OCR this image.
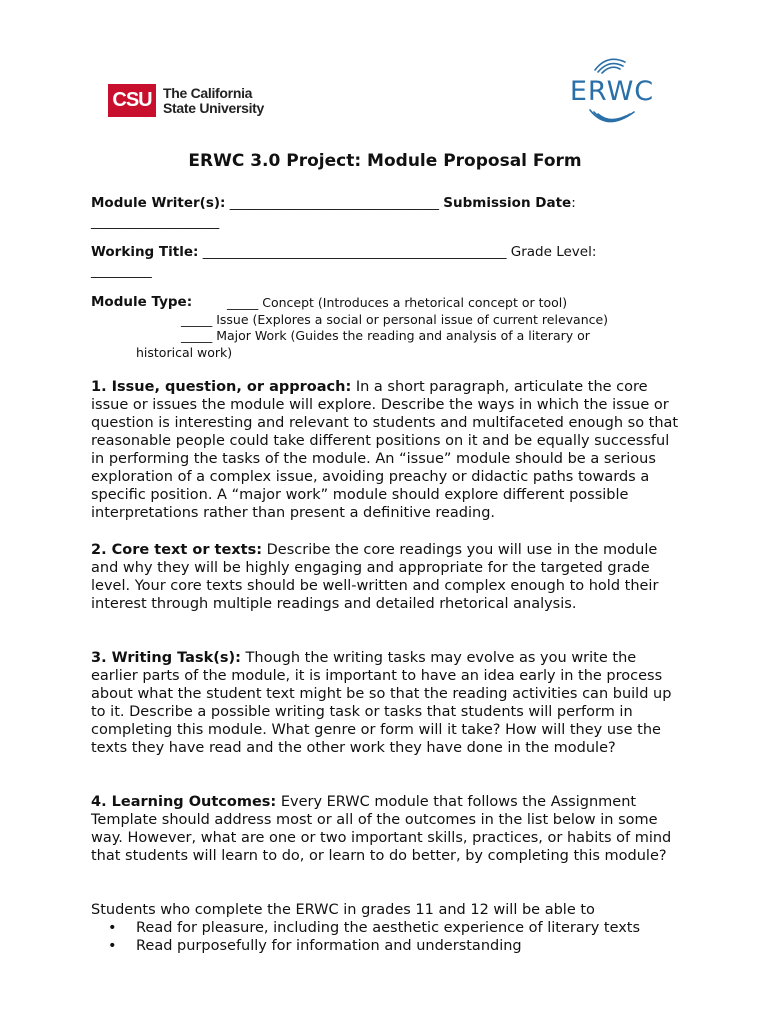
CSU The California
State University
ERWC
ERWC 3.0 Project: Module Proposal Form
Module Writer(s): _______________________________ Submission Date:
___________________
Working Title: _____________________________________________ Grade Level:
_________
Module Type:	_____ Concept (Introduces a rhetorical concept or tool)
_____ Issue (Explores a social or personal issue of current relevance)
_____ Major Work (Guides the reading and analysis of a literary or
historical work)

1. Issue, question, or approach: In a short paragraph, articulate the core issue or issues the module will explore. Describe the ways in which the issue or question is interesting and relevant to students and multifaceted enough so that reasonable people could take different positions on it and be equally successful in performing the tasks of the module. An “issue” module should be a serious exploration of a complex issue, avoiding preachy or didactic paths towards a specific position. A “major work” module should explore different possible interpretations rather than present a definitive reading.

2. Core text or texts: Describe the core readings you will use in the module and why they will be highly engaging and appropriate for the targeted grade level. Your core texts should be well-written and complex enough to hold their interest through multiple readings and detailed rhetorical analysis.

3. Writing Task(s): Though the writing tasks may evolve as you write the earlier parts of the module, it is important to have an idea early in the process about what the student text might be so that the reading activities can build up to it. Describe a possible writing task or tasks that students will perform in completing this module. What genre or form will it take? How will they use the texts they have read and the other work they have done in the module?

4. Learning Outcomes: Every ERWC module that follows the Assignment Template should address most or all of the outcomes in the list below in some way. However, what are one or two important skills, practices, or habits of mind that students will learn to do, or learn to do better, by completing this module?

Students who complete the ERWC in grades 11 and 12 will be able to
•	Read for pleasure, including the aesthetic experience of literary texts
•	Read purposefully for information and understanding
